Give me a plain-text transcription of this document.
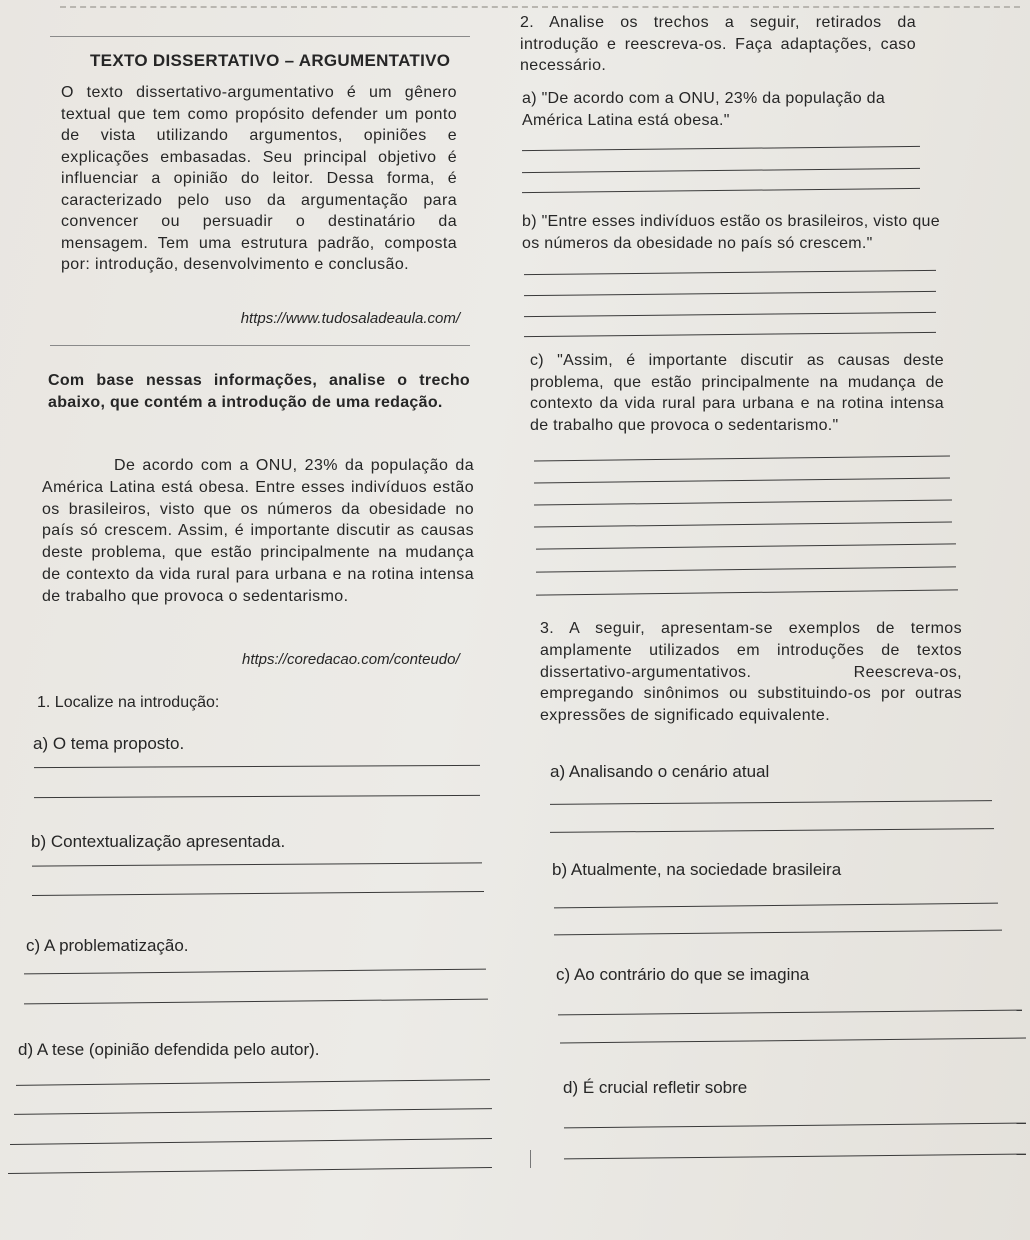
TEXTO DISSERTATIVO – ARGUMENTATIVO
O texto dissertativo-argumentativo é um gênero textual que tem como propósito defender um ponto de vista utilizando argumentos, opiniões e explicações embasadas. Seu principal objetivo é influenciar a opinião do leitor. Dessa forma, é caracterizado pelo uso da argumentação para convencer ou persuadir o destinatário da mensagem. Tem uma estrutura padrão, composta por: introdução, desenvolvimento e conclusão.
https://www.tudosaladeaula.com/
Com base nessas informações, analise o trecho abaixo, que contém a introdução de uma redação.
De acordo com a ONU, 23% da população da América Latina está obesa. Entre esses indivíduos estão os brasileiros, visto que os números da obesidade no país só crescem. Assim, é importante discutir as causas deste problema, que estão principalmente na mudança de contexto da vida rural para urbana e na rotina intensa de trabalho que provoca o sedentarismo.
https://coredacao.com/conteudo/
1. Localize na introdução:
a) O tema proposto.
b) Contextualização apresentada.
c) A problematização.
d) A tese (opinião defendida pelo autor).
2. Analise os trechos a seguir, retirados da introdução e reescreva-os. Faça adaptações, caso necessário.
a) "De acordo com a ONU, 23% da população da América Latina está obesa."
b) "Entre esses indivíduos estão os brasileiros, visto que os números da obesidade no país só crescem."
c) "Assim, é importante discutir as causas deste problema, que estão principalmente na mudança de contexto da vida rural para urbana e na rotina intensa de trabalho que provoca o sedentarismo."
3. A seguir, apresentam-se exemplos de termos amplamente utilizados em introduções de textos dissertativo-argumentativos. Reescreva-os, empregando sinônimos ou substituindo-os por outras expressões de significado equivalente.
a) Analisando o cenário atual
b) Atualmente, na sociedade brasileira
c) Ao contrário do que se imagina
d) É crucial refletir sobre
